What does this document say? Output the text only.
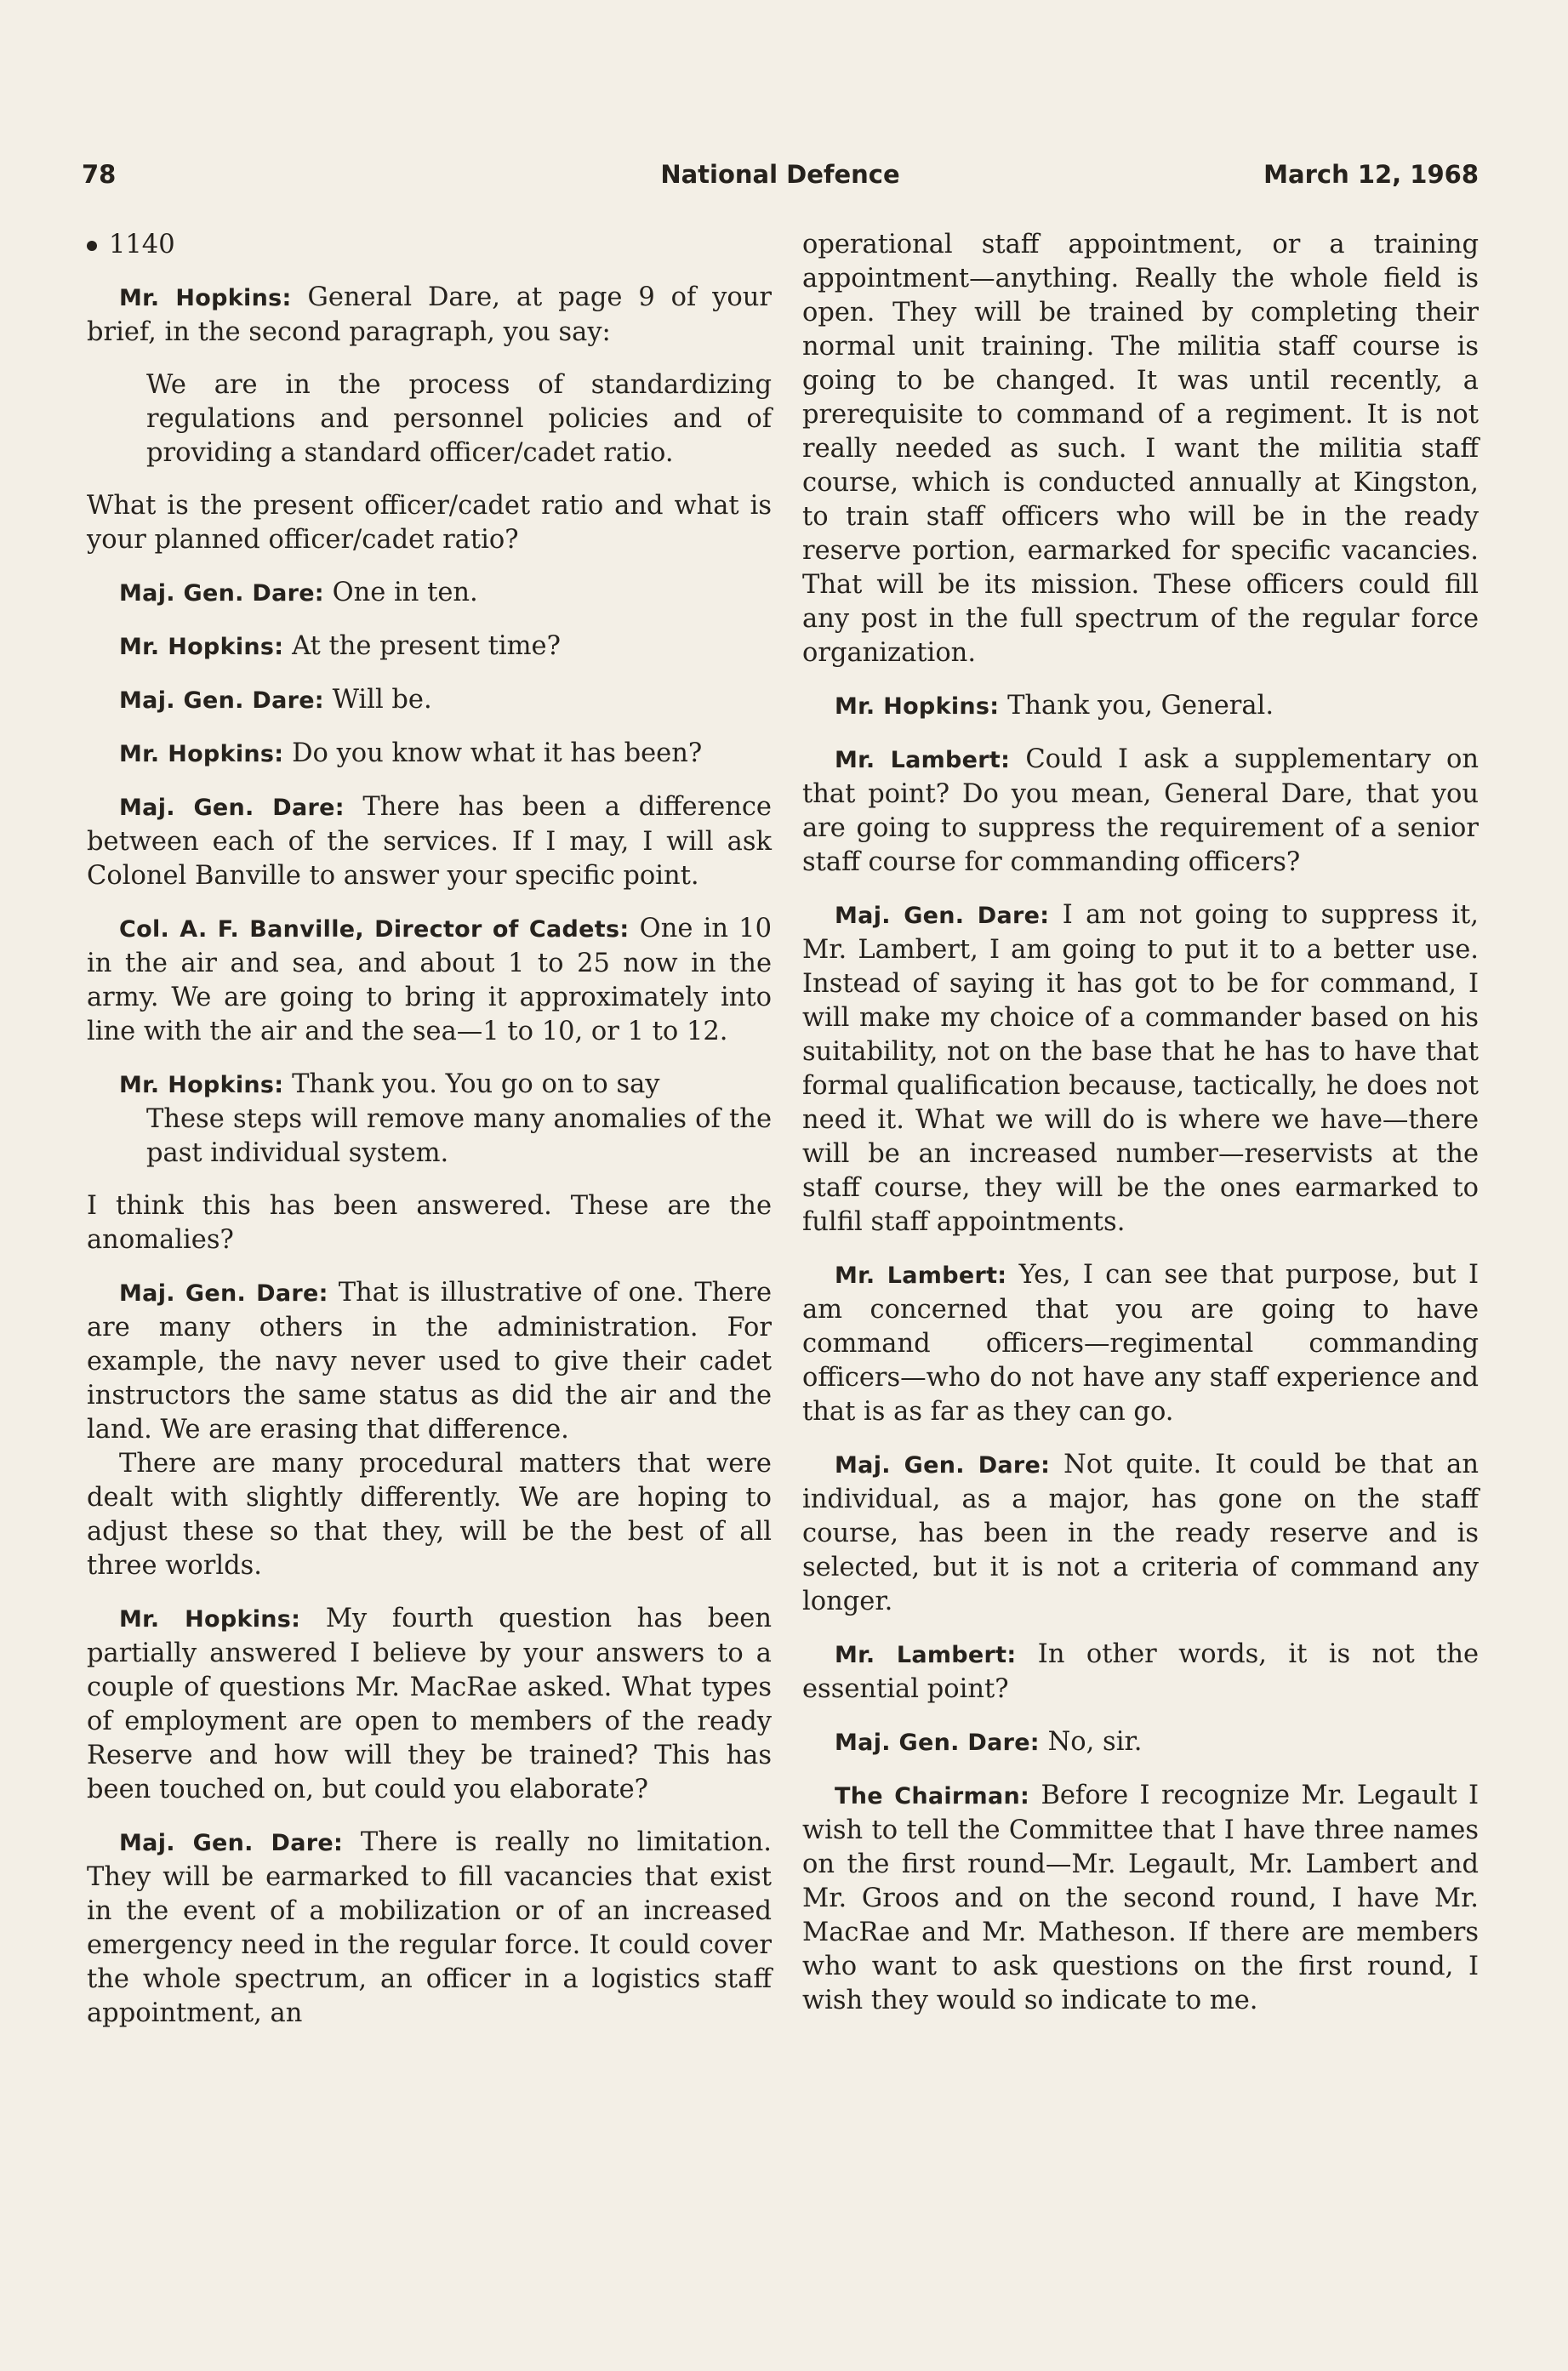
78	National Defence	March 12, 1968

1140

Mr. Hopkins: General Dare, at page 9 of your brief, in the second paragraph, you say:

We are in the process of standardizing regulations and personnel policies and of providing a standard officer/cadet ratio.

What is the present officer/cadet ratio and what is your planned officer/cadet ratio?

Maj. Gen. Dare: One in ten.

Mr. Hopkins: At the present time?

Maj. Gen. Dare: Will be.

Mr. Hopkins: Do you know what it has been?

Maj. Gen. Dare: There has been a difference between each of the services. If I may, I will ask Colonel Banville to answer your specific point.

Col. A. F. Banville, Director of Cadets: One in 10 in the air and sea, and about 1 to 25 now in the army. We are going to bring it approximately into line with the air and the sea—1 to 10, or 1 to 12.

Mr. Hopkins: Thank you. You go on to say

These steps will remove many anomalies of the past individual system.

I think this has been answered. These are the anomalies?

Maj. Gen. Dare: That is illustrative of one. There are many others in the administration. For example, the navy never used to give their cadet instructors the same status as did the air and the land. We are erasing that difference.

There are many procedural matters that were dealt with slightly differently. We are hoping to adjust these so that they, will be the best of all three worlds.

Mr. Hopkins: My fourth question has been partially answered I believe by your answers to a couple of questions Mr. MacRae asked. What types of employment are open to members of the ready Reserve and how will they be trained? This has been touched on, but could you elaborate?

Maj. Gen. Dare: There is really no limitation. They will be earmarked to fill vacancies that exist in the event of a mobilization or of an increased emergency need in the regular force. It could cover the whole spectrum, an officer in a logistics staff appointment, an

operational staff appointment, or a training appointment—anything. Really the whole field is open. They will be trained by completing their normal unit training. The militia staff course is going to be changed. It was until recently, a prerequisite to command of a regiment. It is not really needed as such. I want the militia staff course, which is conducted annually at Kingston, to train staff officers who will be in the ready reserve portion, earmarked for specific vacancies. That will be its mission. These officers could fill any post in the full spectrum of the regular force organization.

Mr. Hopkins: Thank you, General.

Mr. Lambert: Could I ask a supplementary on that point? Do you mean, General Dare, that you are going to suppress the requirement of a senior staff course for commanding officers?

Maj. Gen. Dare: I am not going to suppress it, Mr. Lambert, I am going to put it to a better use. Instead of saying it has got to be for command, I will make my choice of a commander based on his suitability, not on the base that he has to have that formal qualification because, tactically, he does not need it. What we will do is where we have—there will be an increased number—reservists at the staff course, they will be the ones earmarked to fulfil staff appointments.

Mr. Lambert: Yes, I can see that purpose, but I am concerned that you are going to have command officers—regimental commanding officers—who do not have any staff experience and that is as far as they can go.

Maj. Gen. Dare: Not quite. It could be that an individual, as a major, has gone on the staff course, has been in the ready reserve and is selected, but it is not a criteria of command any longer.

Mr. Lambert: In other words, it is not the essential point?

Maj. Gen. Dare: No, sir.

The Chairman: Before I recognize Mr. Legault I wish to tell the Committee that I have three names on the first round—Mr. Legault, Mr. Lambert and Mr. Groos and on the second round, I have Mr. MacRae and Mr. Matheson. If there are members who want to ask questions on the first round, I wish they would so indicate to me.
